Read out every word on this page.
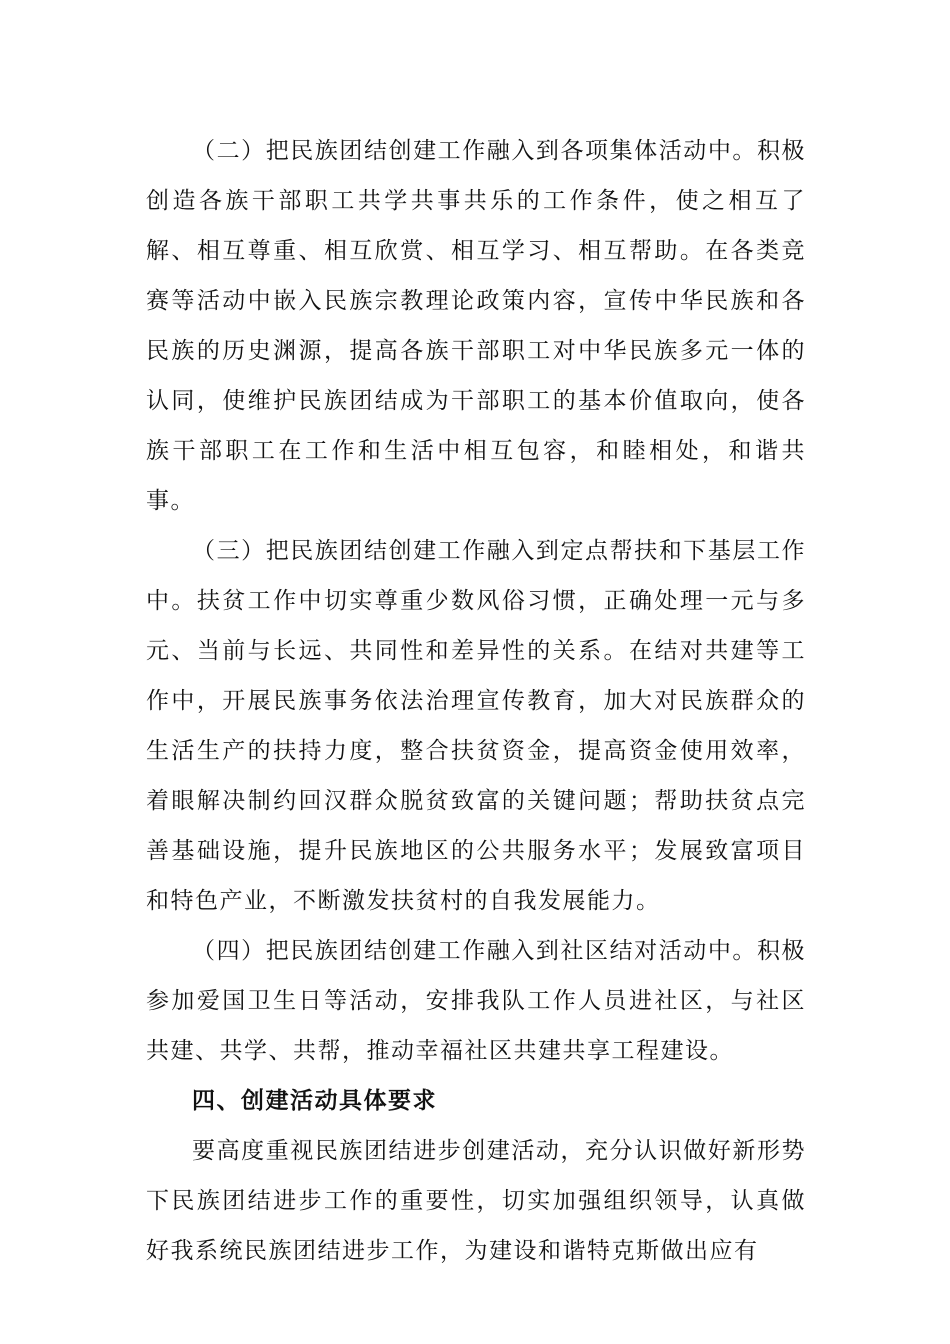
（二）把民族团结创建工作融入到各项集体活动中。积极创造各族干部职工共学共事共乐的工作条件，使之相互了解、相互尊重、相互欣赏、相互学习、相互帮助。在各类竞赛等活动中嵌入民族宗教理论政策内容，宣传中华民族和各民族的历史渊源，提高各族干部职工对中华民族多元一体的认同，使维护民族团结成为干部职工的基本价值取向，使各族干部职工在工作和生活中相互包容，和睦相处，和谐共事。

（三）把民族团结创建工作融入到定点帮扶和下基层工作中。扶贫工作中切实尊重少数风俗习惯，正确处理一元与多元、当前与长远、共同性和差异性的关系。在结对共建等工作中，开展民族事务依法治理宣传教育，加大对民族群众的生活生产的扶持力度，整合扶贫资金，提高资金使用效率，着眼解决制约回汉群众脱贫致富的关键问题；帮助扶贫点完善基础设施，提升民族地区的公共服务水平；发展致富项目和特色产业，不断激发扶贫村的自我发展能力。

（四）把民族团结创建工作融入到社区结对活动中。积极参加爱国卫生日等活动，安排我队工作人员进社区，与社区共建、共学、共帮，推动幸福社区共建共享工程建设。

四、创建活动具体要求

要高度重视民族团结进步创建活动，充分认识做好新形势下民族团结进步工作的重要性，切实加强组织领导，认真做好我系统民族团结进步工作，为建设和谐特克斯做出应有
